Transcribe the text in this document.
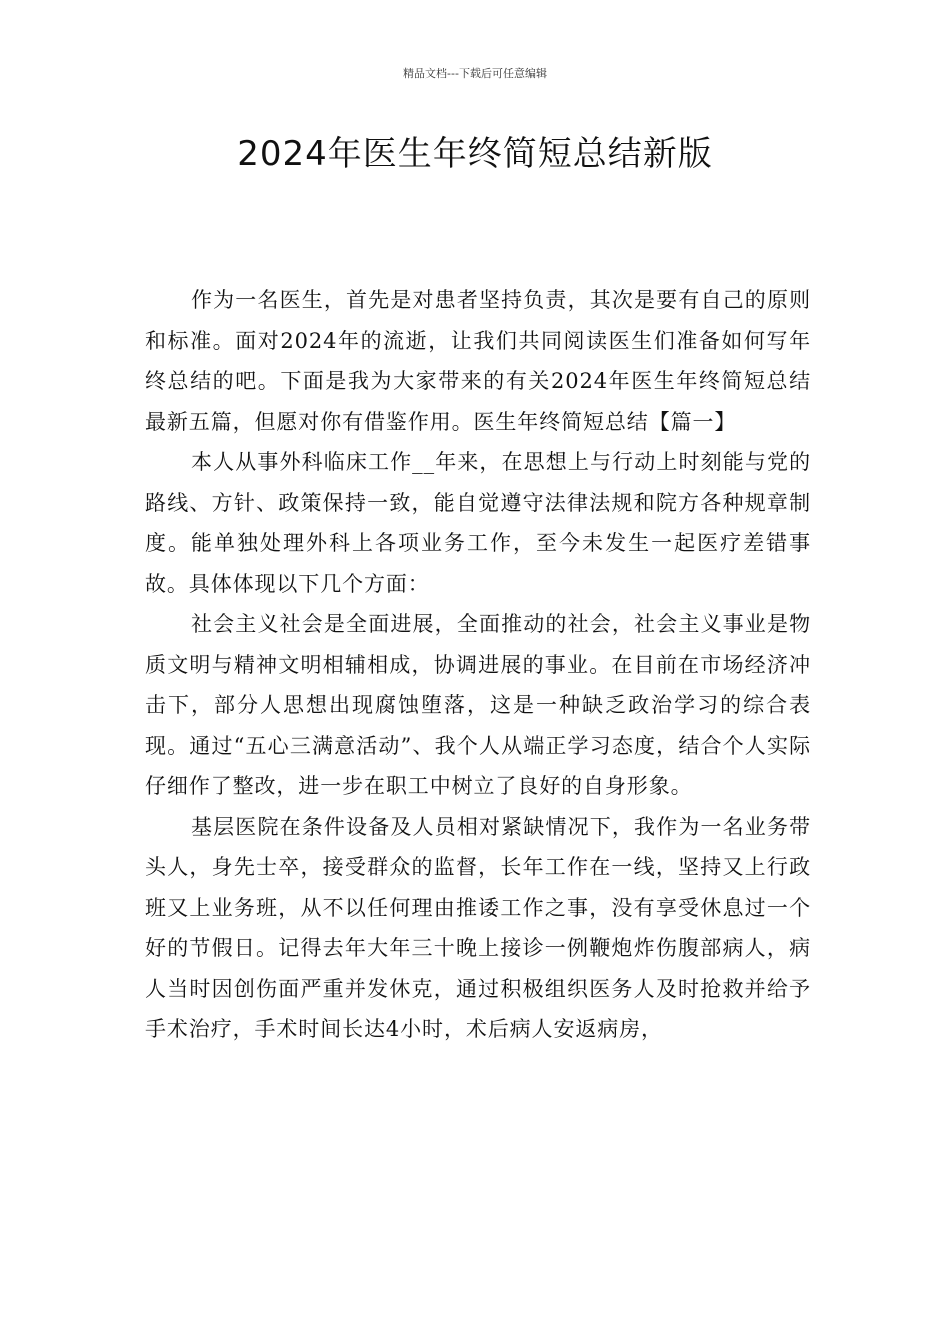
精品文档---下载后可任意编辑
2024年医生年终简短总结新版

作为一名医生，首先是对患者坚持负责，其次是要有自己的原则和标准。面对2024年的流逝，让我们共同阅读医生们准备如何写年终总结的吧。下面是我为大家带来的有关2024年医生年终简短总结最新五篇，但愿对你有借鉴作用。医生年终简短总结【篇一】

本人从事外科临床工作__年来，在思想上与行动上时刻能与党的路线、方针、政策保持一致，能自觉遵守法律法规和院方各种规章制度。能单独处理外科上各项业务工作，至今未发生一起医疗差错事故。具体体现以下几个方面：

社会主义社会是全面进展，全面推动的社会，社会主义事业是物质文明与精神文明相辅相成，协调进展的事业。在目前在市场经济冲击下，部分人思想出现腐蚀堕落，这是一种缺乏政治学习的综合表现。通过“五心三满意活动”、我个人从端正学习态度，结合个人实际仔细作了整改，进一步在职工中树立了良好的自身形象。

基层医院在条件设备及人员相对紧缺情况下，我作为一名业务带头人，身先士卒，接受群众的监督，长年工作在一线，坚持又上行政班又上业务班，从不以任何理由推诿工作之事，没有享受休息过一个好的节假日。记得去年大年三十晚上接诊一例鞭炮炸伤腹部病人，病人当时因创伤面严重并发休克，通过积极组织医务人及时抢救并给予手术治疗，手术时间长达4小时，术后病人安返病房，
